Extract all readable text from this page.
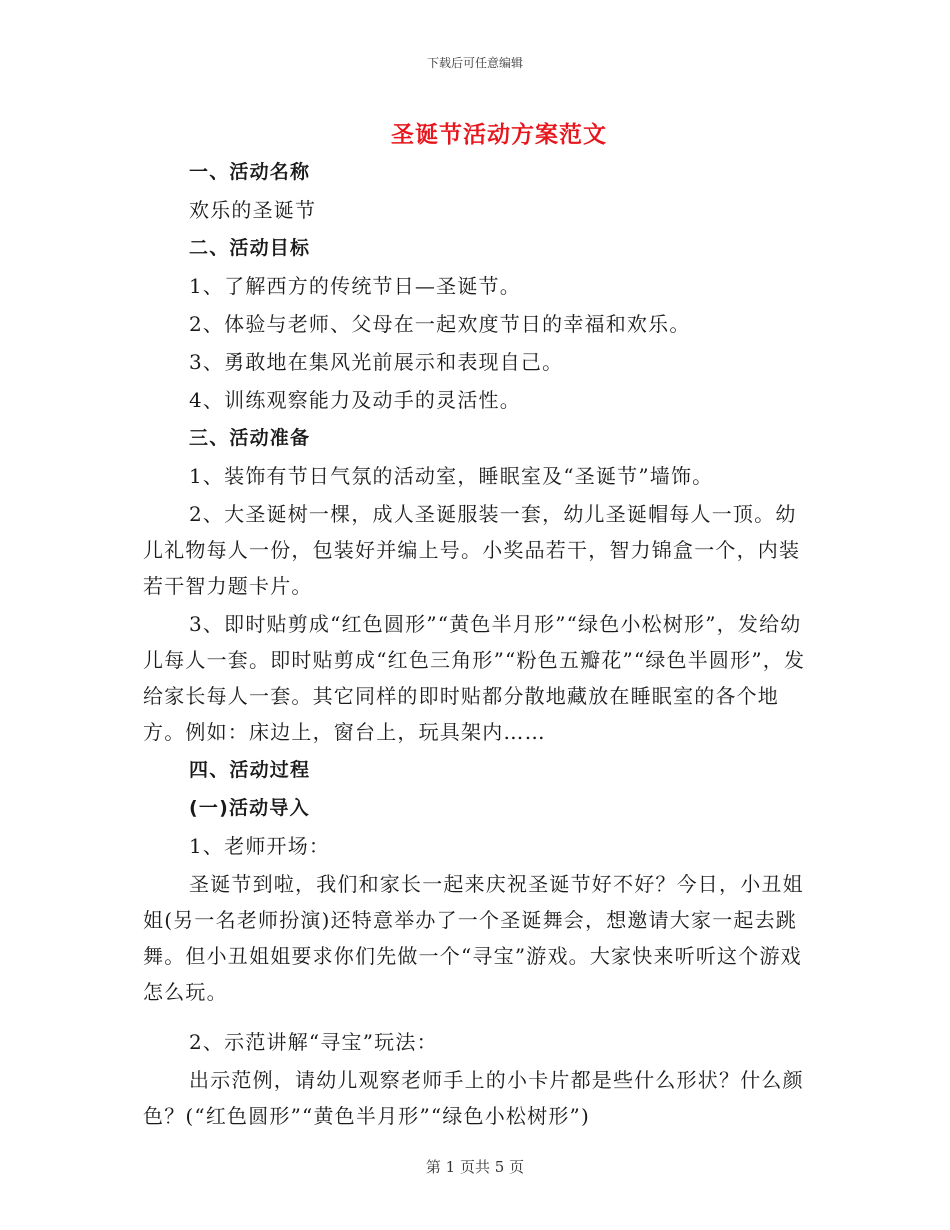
下载后可任意编辑
圣诞节活动方案范文

一、活动名称

欢乐的圣诞节

二、活动目标

1、了解西方的传统节日—圣诞节。

2、体验与老师、父母在一起欢度节日的幸福和欢乐。

3、勇敢地在集风光前展示和表现自己。

4、训练观察能力及动手的灵活性。

三、活动准备

1、装饰有节日气氛的活动室，睡眠室及“圣诞节”墙饰。

2、大圣诞树一棵，成人圣诞服装一套，幼儿圣诞帽每人一顶。幼儿礼物每人一份，包装好并编上号。小奖品若干，智力锦盒一个，内装若干智力题卡片。

3、即时贴剪成“红色圆形”“黄色半月形”“绿色小松树形”，发给幼儿每人一套。即时贴剪成“红色三角形”“粉色五瓣花”“绿色半圆形”，发给家长每人一套。其它同样的即时贴都分散地藏放在睡眠室的各个地方。例如：床边上，窗台上，玩具架内……

四、活动过程

(一)活动导入

1、老师开场：

圣诞节到啦，我们和家长一起来庆祝圣诞节好不好？今日，小丑姐姐(另一名老师扮演)还特意举办了一个圣诞舞会，想邀请大家一起去跳舞。但小丑姐姐要求你们先做一个“寻宝”游戏。大家快来听听这个游戏怎么玩。

2、示范讲解“寻宝”玩法：

出示范例，请幼儿观察老师手上的小卡片都是些什么形状？什么颜色？(“红色圆形”“黄色半月形”“绿色小松树形”)

第 1 页共 5 页
